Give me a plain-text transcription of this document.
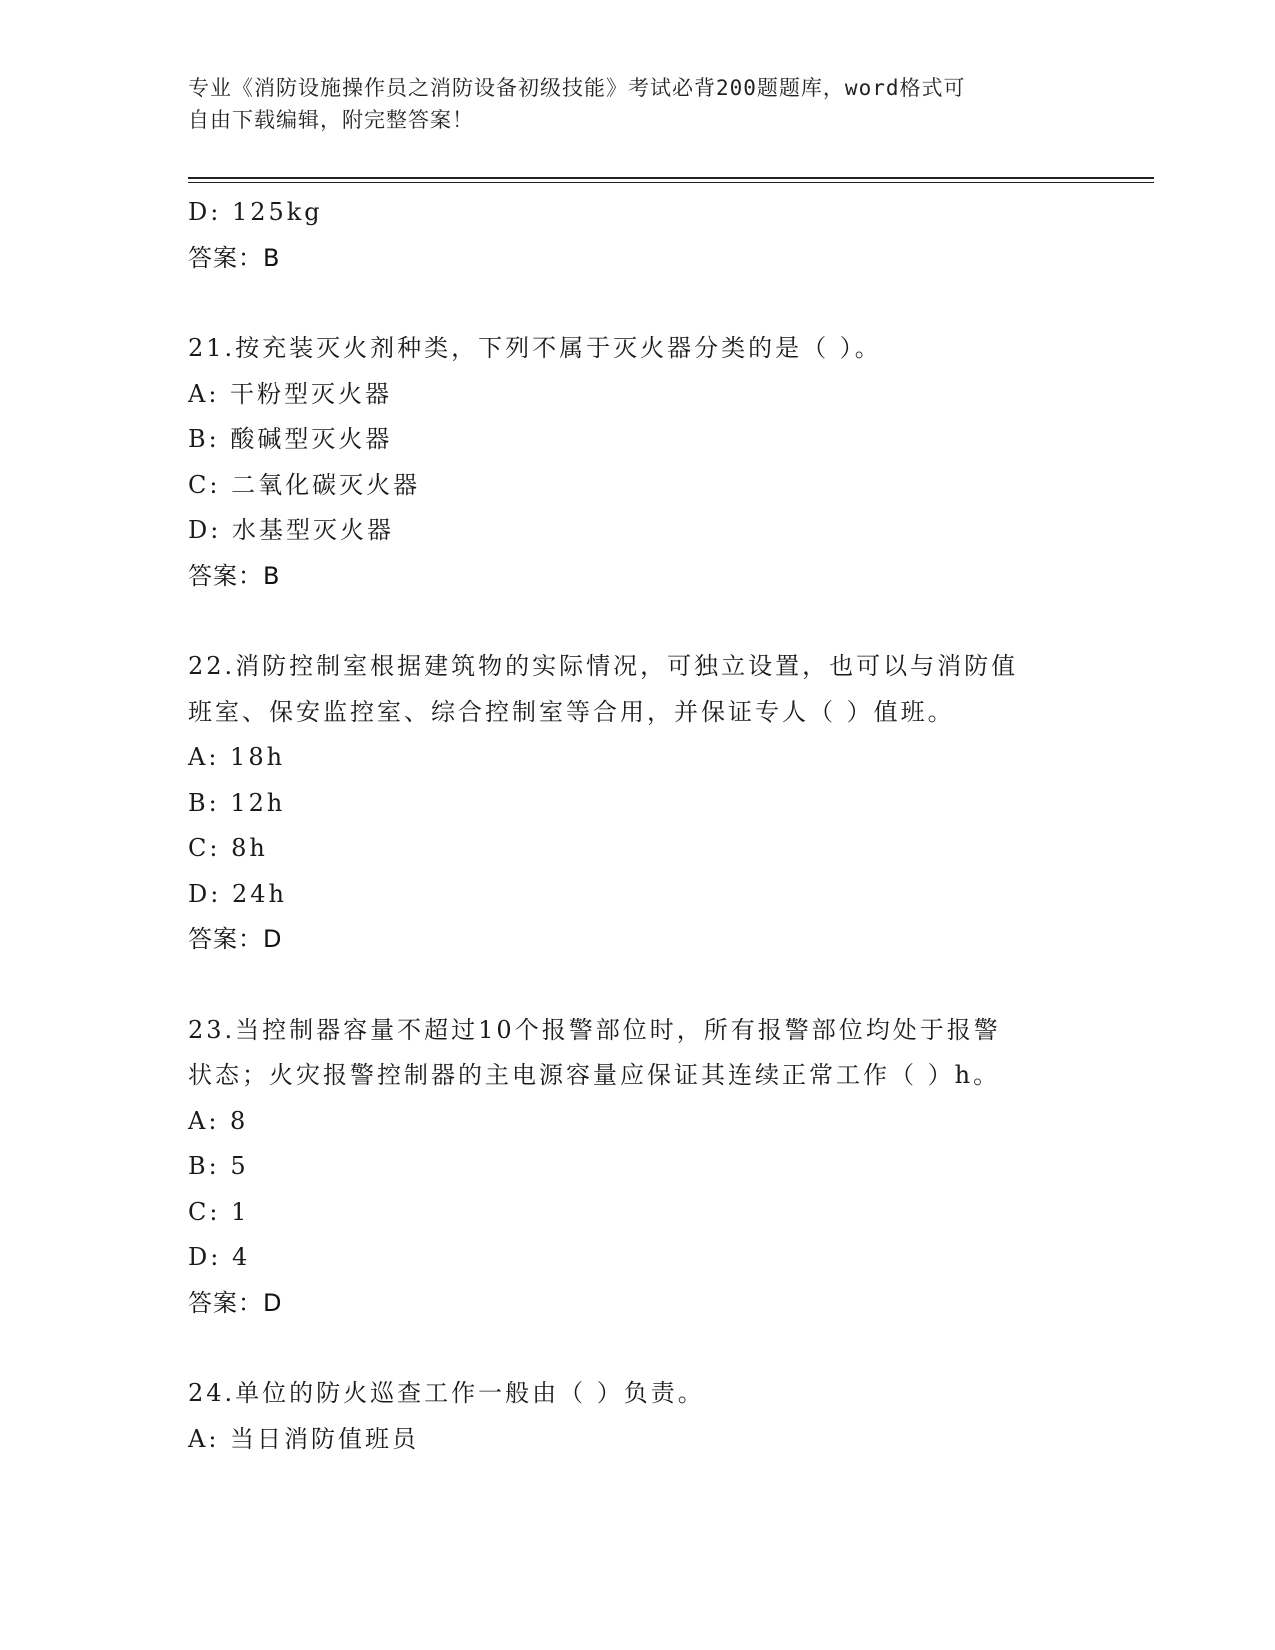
专业《消防设施操作员之消防设备初级技能》考试必背200题题库，word格式可
自由下载编辑，附完整答案！
D: 125kg
答案：B
21.按充装灭火剂种类，下列不属于灭火器分类的是（ ）。
A: 干粉型灭火器
B: 酸碱型灭火器
C: 二氧化碳灭火器
D: 水基型灭火器
答案：B
22.消防控制室根据建筑物的实际情况，可独立设置，也可以与消防值
班室、保安监控室、综合控制室等合用，并保证专人（ ）值班。
A: 18h
B: 12h
C: 8h
D: 24h
答案：D
23.当控制器容量不超过10个报警部位时，所有报警部位均处于报警
状态；火灾报警控制器的主电源容量应保证其连续正常工作（ ）h。
A: 8
B: 5
C: 1
D: 4
答案：D
24.单位的防火巡查工作一般由（ ）负责。
A: 当日消防值班员
